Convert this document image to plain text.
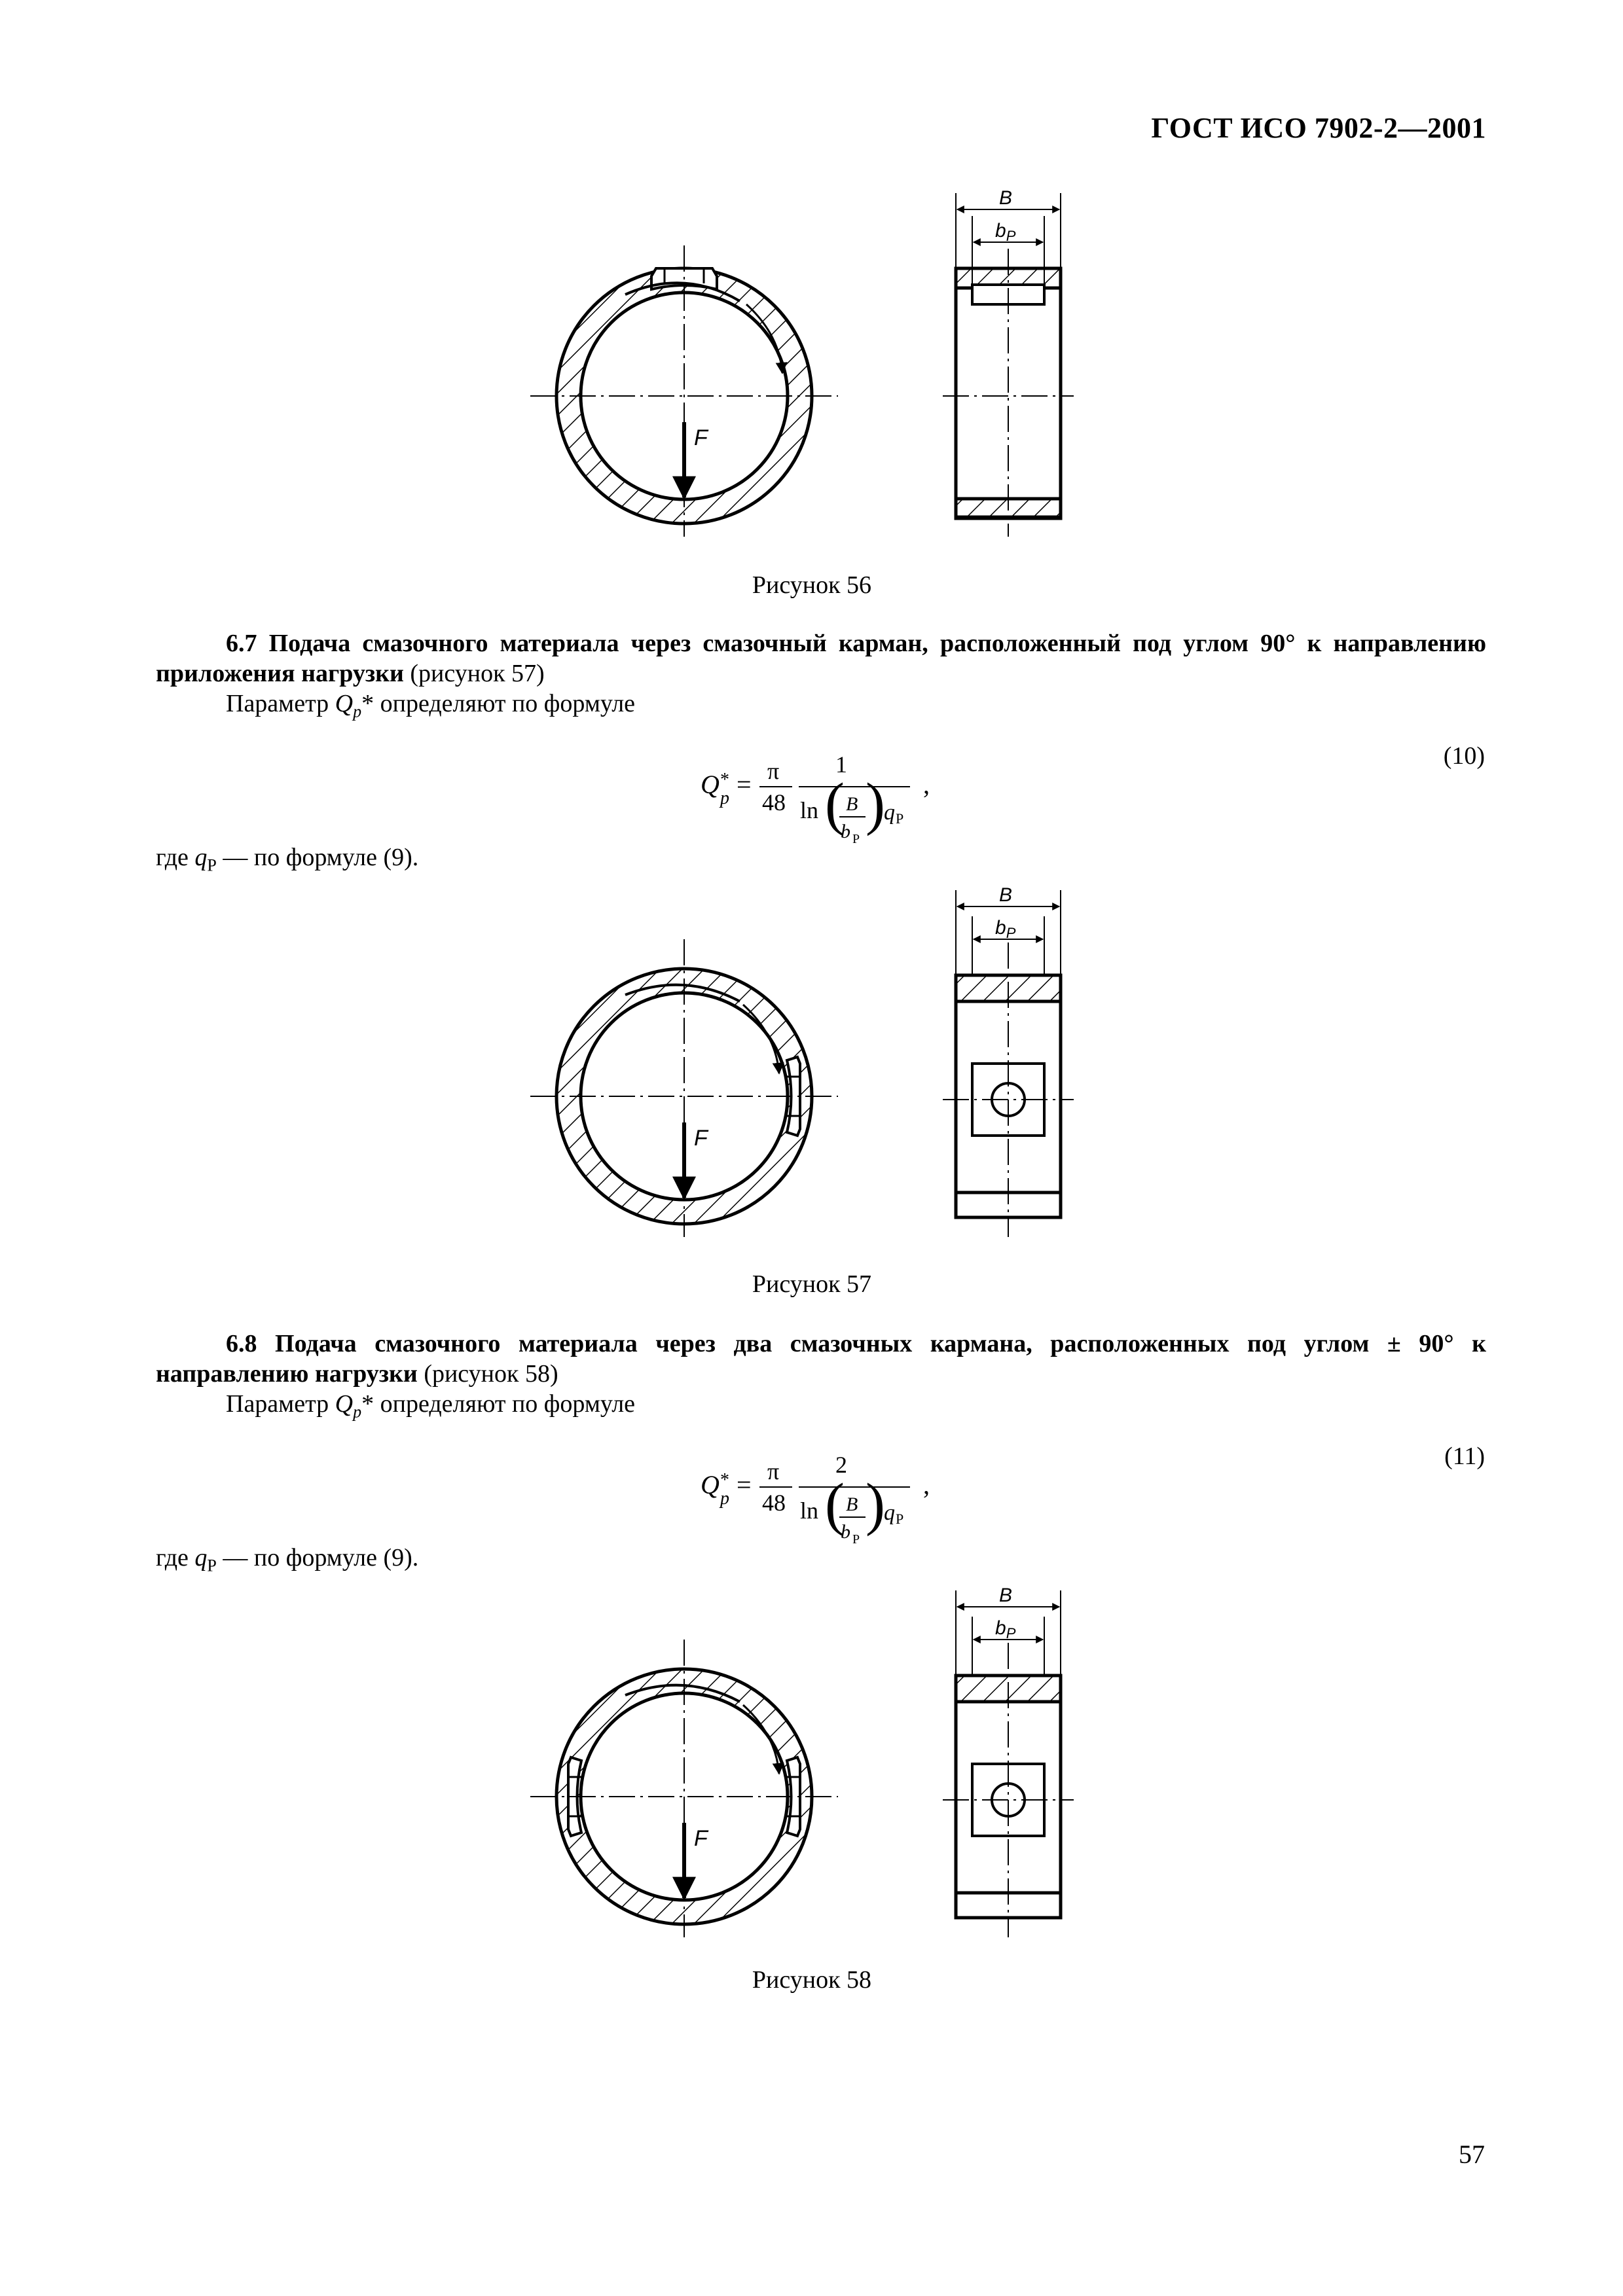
ГОСТ ИСО 7902-2—2001
F
B
$b_P$
Рисунок 56
6.7 Подача смазочного материала через смазочный карман, расположенный под углом 90° к направлению приложения нагрузки (рисунок 57)
Параметр $Q_p*$ определяют по формуле
Q *
p = π
48
1
ln ( B
b P
)
q P
,
(10)
где $q_P$ — по формуле (9).
F
B
$b_P$
Рисунок 57
6.8 Подача смазочного материала через два смазочных кармана, расположенных под углом ± 90° к направлению нагрузки (рисунок 58)
Параметр $Q_p*$ определяют по формуле
Q *
p = π
48
2
ln ( B
b P
)
q P
,
(11)
где $q_P$ — по формуле (9).
F
B
$b_P$
Рисунок 58
57
